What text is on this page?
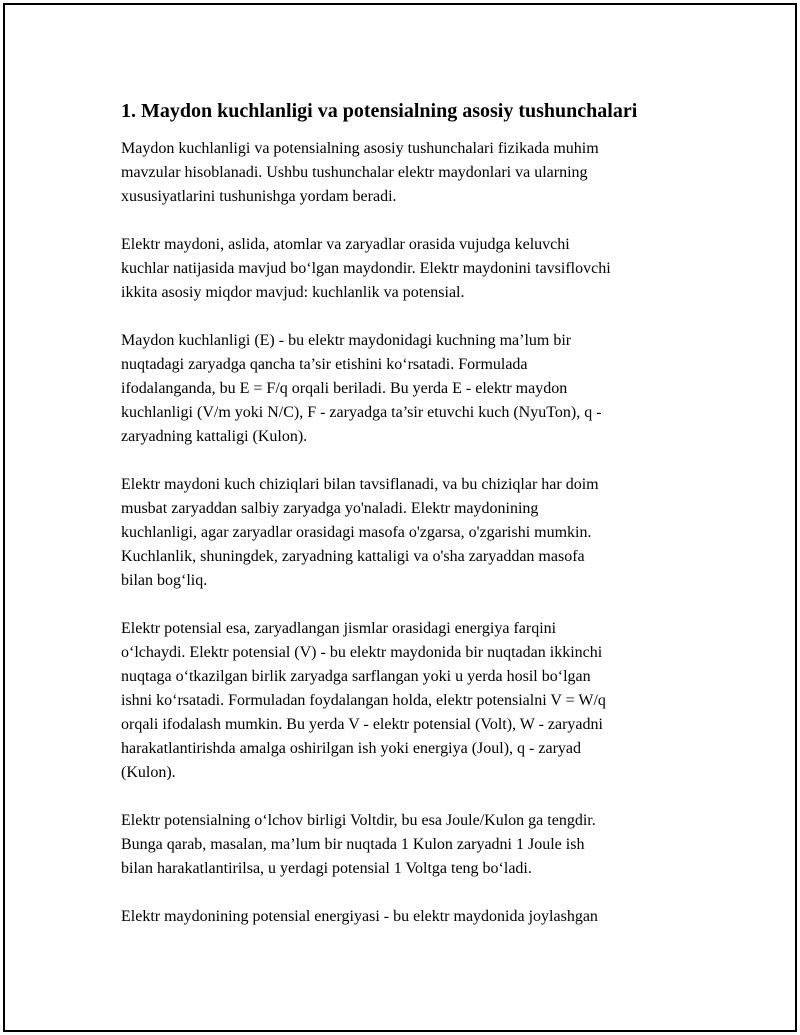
1. Maydon kuchlanligi va potensialning asosiy tushunchalari

Maydon kuchlanligi va potensialning asosiy tushunchalari fizikada muhim
mavzular hisoblanadi. Ushbu tushunchalar elektr maydonlari va ularning
xususiyatlarini tushunishga yordam beradi.

Elektr maydoni, aslida, atomlar va zaryadlar orasida vujudga keluvchi
kuchlar natijasida mavjud bo‘lgan maydondir. Elektr maydonini tavsiflovchi
ikkita asosiy miqdor mavjud: kuchlanlik va potensial.

Maydon kuchlanligi (E) - bu elektr maydonidagi kuchning ma’lum bir
nuqtadagi zaryadga qancha ta’sir etishini ko‘rsatadi. Formulada
ifodalanganda, bu E = F/q orqali beriladi. Bu yerda E - elektr maydon
kuchlanligi (V/m yoki N/C), F - zaryadga ta’sir etuvchi kuch (NyuTon), q -
zaryadning kattaligi (Kulon).

Elektr maydoni kuch chiziqlari bilan tavsiflanadi, va bu chiziqlar har doim
musbat zaryaddan salbiy zaryadga yo'naladi. Elektr maydonining
kuchlanligi, agar zaryadlar orasidagi masofa o'zgarsa, o'zgarishi mumkin.
Kuchlanlik, shuningdek, zaryadning kattaligi va o'sha zaryaddan masofa
bilan bog‘liq.

Elektr potensial esa, zaryadlangan jismlar orasidagi energiya farqini
o‘lchaydi. Elektr potensial (V) - bu elektr maydonida bir nuqtadan ikkinchi
nuqtaga o‘tkazilgan birlik zaryadga sarflangan yoki u yerda hosil bo‘lgan
ishni ko‘rsatadi. Formuladan foydalangan holda, elektr potensialni V = W/q
orqali ifodalash mumkin. Bu yerda V - elektr potensial (Volt), W - zaryadni
harakatlantirishda amalga oshirilgan ish yoki energiya (Joul), q - zaryad
(Kulon).

Elektr potensialning o‘lchov birligi Voltdir, bu esa Joule/Kulon ga tengdir.
Bunga qarab, masalan, ma’lum bir nuqtada 1 Kulon zaryadni 1 Joule ish
bilan harakatlantirilsa, u yerdagi potensial 1 Voltga teng bo‘ladi.

Elektr maydonining potensial energiyasi - bu elektr maydonida joylashgan
